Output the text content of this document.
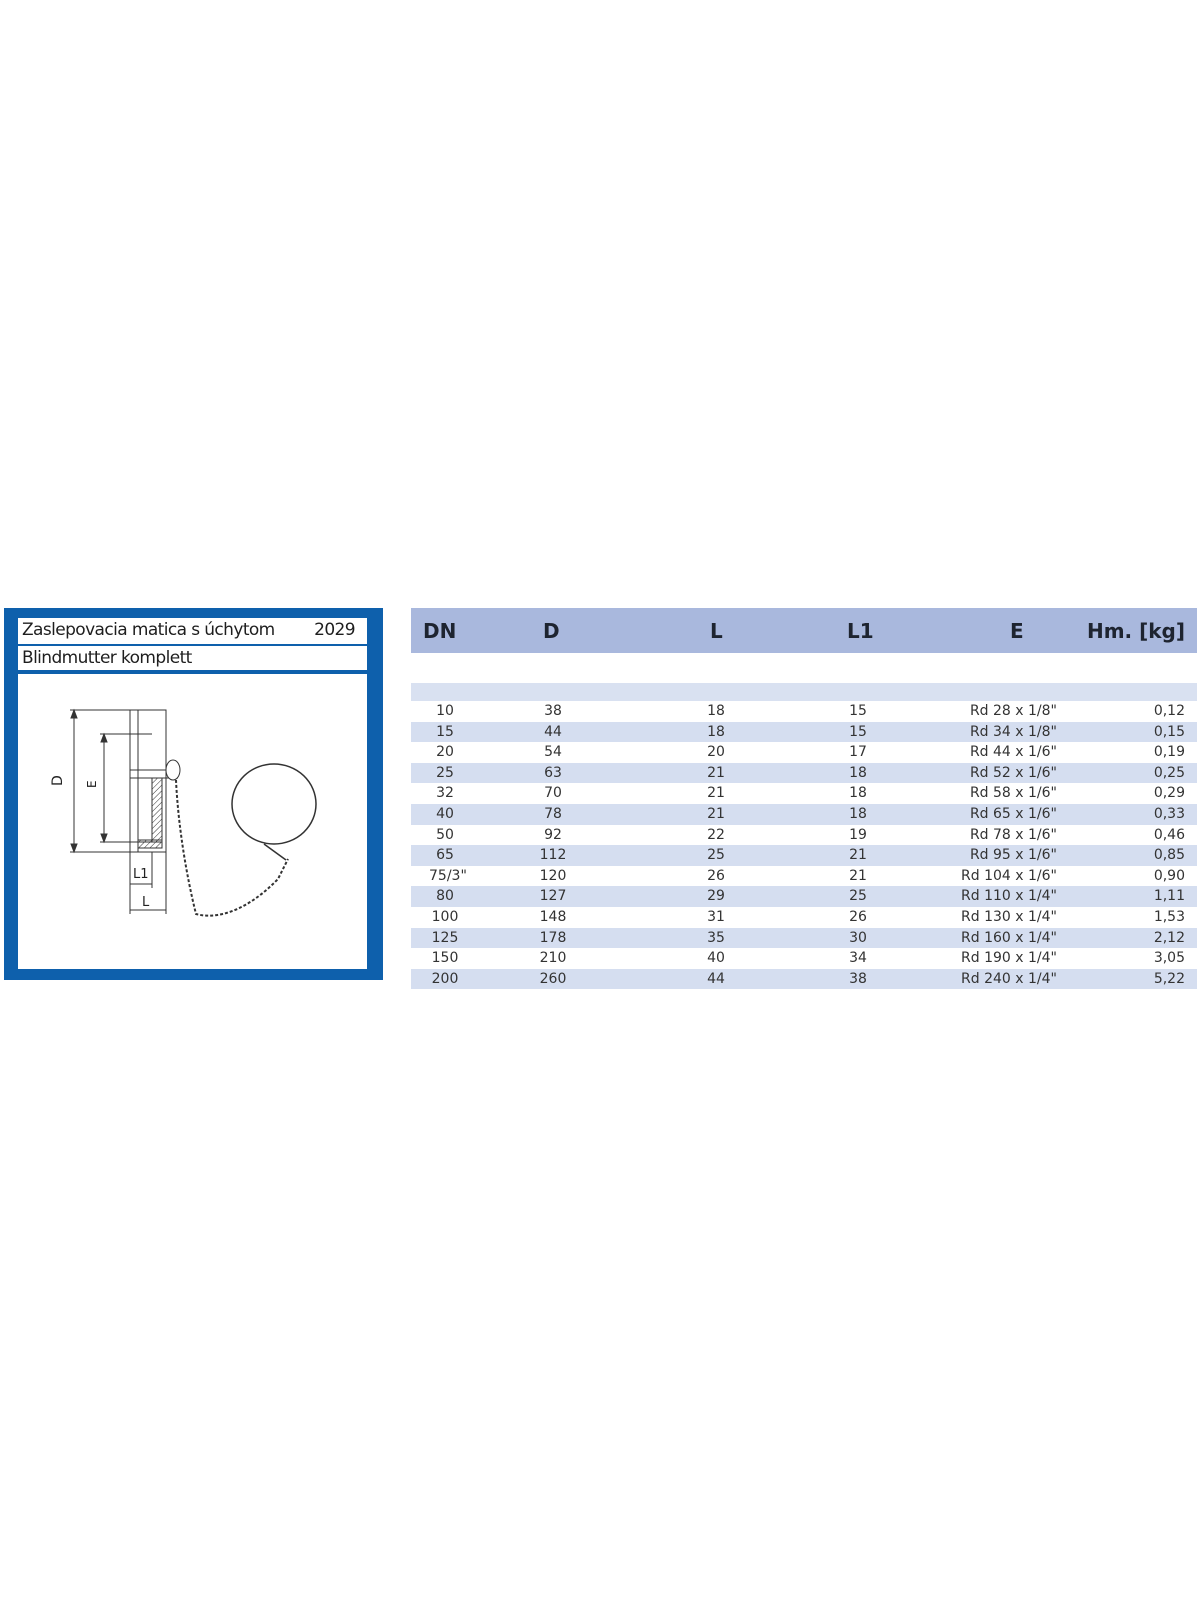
Zaslepovacia matica s úchytom 2029
Blindmutter komplett
D E
L1
L
DN	D	L	L1	E	Hm. [kg]
10	38	18	15	Rd 28 x 1/8"	0,12
15	44	18	15	Rd 34 x 1/8"	0,15
20	54	20	17	Rd 44 x 1/6"	0,19
25	63	21	18	Rd 52 x 1/6"	0,25
32	70	21	18	Rd 58 x 1/6"	0,29
40	78	21	18	Rd 65 x 1/6"	0,33
50	92	22	19	Rd 78 x 1/6"	0,46
65	112	25	21	Rd 95 x 1/6"	0,85
75/3"	120	26	21	Rd 104 x 1/6"	0,90
80	127	29	25	Rd 110 x 1/4"	1,11
100	148	31	26	Rd 130 x 1/4"	1,53
125	178	35	30	Rd 160 x 1/4"	2,12
150	210	40	34	Rd 190 x 1/4"	3,05
200	260	44	38	Rd 240 x 1/4"	5,22
